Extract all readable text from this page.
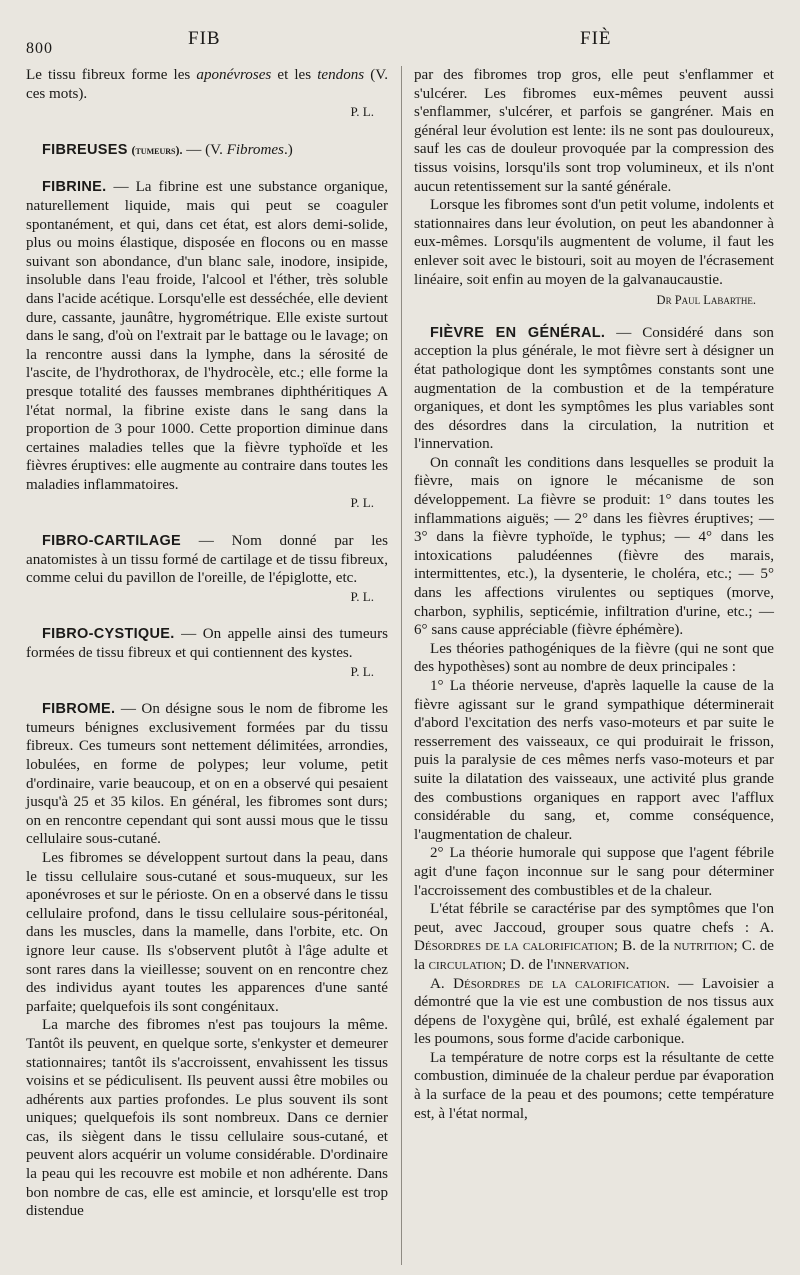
800	FIB	FIÈ

Le tissu fibreux forme les aponévroses et les tendons (V. ces mots).
P. L.

FIBREUSES (tumeurs). — (V. Fibromes.)

FIBRINE. — La fibrine est une substance organique, naturellement liquide, mais qui peut se coaguler spontanément, et qui, dans cet état, est alors demi-solide, plus ou moins élastique, disposée en flocons ou en masse suivant son abondance, d'un blanc sale, inodore, insipide, insoluble dans l'eau froide, l'alcool et l'éther, très soluble dans l'acide acétique. Lorsqu'elle est desséchée, elle devient dure, cassante, jaunâtre, hygrométrique. Elle existe surtout dans le sang, d'où on l'extrait par le battage ou le lavage; on la rencontre aussi dans la lymphe, dans la sérosité de l'ascite, de l'hydrothorax, de l'hydrocèle, etc.; elle forme la presque totalité des fausses membranes diphthéritiques A l'état normal, la fibrine existe dans le sang dans la proportion de 3 pour 1000. Cette proportion diminue dans certaines maladies telles que la fièvre typhoïde et les fièvres éruptives: elle augmente au contraire dans toutes les maladies inflammatoires.
P. L.

FIBRO-CARTILAGE — Nom donné par les anatomistes à un tissu formé de cartilage et de tissu fibreux, comme celui du pavillon de l'oreille, de l'épiglotte, etc.
P. L.

FIBRO-CYSTIQUE. — On appelle ainsi des tumeurs formées de tissu fibreux et qui contiennent des kystes.
P. L.

FIBROME. — On désigne sous le nom de fibrome les tumeurs bénignes exclusivement formées par du tissu fibreux. Ces tumeurs sont nettement délimitées, arrondies, lobulées, en forme de polypes; leur volume, petit d'ordinaire, varie beaucoup, et on en a observé qui pesaient jusqu'à 25 et 35 kilos. En général, les fibromes sont durs; on en rencontre cependant qui sont aussi mous que le tissu cellulaire sous-cutané.

Les fibromes se développent surtout dans la peau, dans le tissu cellulaire sous-cutané et sous-muqueux, sur les aponévroses et sur le périoste. On en a observé dans le tissu cellulaire profond, dans le tissu cellulaire sous-péritonéal, dans les muscles, dans la mamelle, dans l'orbite, etc. On ignore leur cause. Ils s'observent plutôt à l'âge adulte et sont rares dans la vieillesse; souvent on en rencontre chez des individus ayant toutes les apparences d'une santé parfaite; quelquefois ils sont congénitaux.

La marche des fibromes n'est pas toujours la même. Tantôt ils peuvent, en quelque sorte, s'enkyster et demeurer stationnaires; tantôt ils s'accroissent, envahissent les tissus voisins et se pédiculisent. Ils peuvent aussi être mobiles ou adhérents aux parties profondes. Le plus souvent ils sont uniques; quelquefois ils sont nombreux. Dans ce dernier cas, ils siègent dans le tissu cellulaire sous-cutané, et peuvent alors acquérir un volume considérable. D'ordinaire la peau qui les recouvre est mobile et non adhérente. Dans bon nombre de cas, elle est amincie, et lorsqu'elle est trop distendue

par des fibromes trop gros, elle peut s'enflammer et s'ulcérer. Les fibromes eux-mêmes peuvent aussi s'enflammer, s'ulcérer, et parfois se gangréner. Mais en général leur évolution est lente: ils ne sont pas douloureux, sauf les cas de douleur provoquée par la compression des tissus voisins, lorsqu'ils sont trop volumineux, et ils n'ont aucun retentissement sur la santé générale.

Lorsque les fibromes sont d'un petit volume, indolents et stationnaires dans leur évolution, on peut les abandonner à eux-mêmes. Lorsqu'ils augmentent de volume, il faut les enlever soit avec le bistouri, soit au moyen de l'écrasement linéaire, soit enfin au moyen de la galvanaucaustie.

Dr Paul Labarthe.

FIÈVRE EN GÉNÉRAL. — Considéré dans son acception la plus générale, le mot fièvre sert à désigner un état pathologique dont les symptômes constants sont une augmentation de la combustion et de la température organiques, et dont les symptômes les plus variables sont des désordres dans la circulation, la nutrition et l'innervation.

On connaît les conditions dans lesquelles se produit la fièvre, mais on ignore le mécanisme de son développement. La fièvre se produit: 1° dans toutes les inflammations aiguës; — 2° dans les fièvres éruptives; — 3° dans la fièvre typhoïde, le typhus; — 4° dans les intoxications paludéennes (fièvre des marais, intermittentes, etc.), la dysenterie, le choléra, etc.; — 5° dans les affections virulentes ou septiques (morve, charbon, syphilis, septicémie, infiltration d'urine, etc.; — 6° sans cause appréciable (fièvre éphémère).

Les théories pathogéniques de la fièvre (qui ne sont que des hypothèses) sont au nombre de deux principales :

1° La théorie nerveuse, d'après laquelle la cause de la fièvre agissant sur le grand sympathique déterminerait d'abord l'excitation des nerfs vaso-moteurs et par suite le resserrement des vaisseaux, ce qui produirait le frisson, puis la paralysie de ces mêmes nerfs vaso-moteurs et par suite la dilatation des vaisseaux, une activité plus grande des combustions organiques en rapport avec l'afflux considérable du sang, et, comme conséquence, l'augmentation de chaleur.

2° La théorie humorale qui suppose que l'agent fébrile agit d'une façon inconnue sur le sang pour déterminer l'accroissement des combustibles et de la chaleur.

L'état fébrile se caractérise par des symptômes que l'on peut, avec Jaccoud, grouper sous quatre chefs : A. Désordres de la calorification; B. de la nutrition; C. de la circulation; D. de l'innervation.

A. Désordres de la calorification. — Lavoisier a démontré que la vie est une combustion de nos tissus aux dépens de l'oxygène qui, brûlé, est exhalé également par les poumons, sous forme d'acide carbonique.

La température de notre corps est la résultante de cette combustion, diminuée de la chaleur perdue par évaporation à la surface de la peau et des poumons; cette température est, à l'état normal,
